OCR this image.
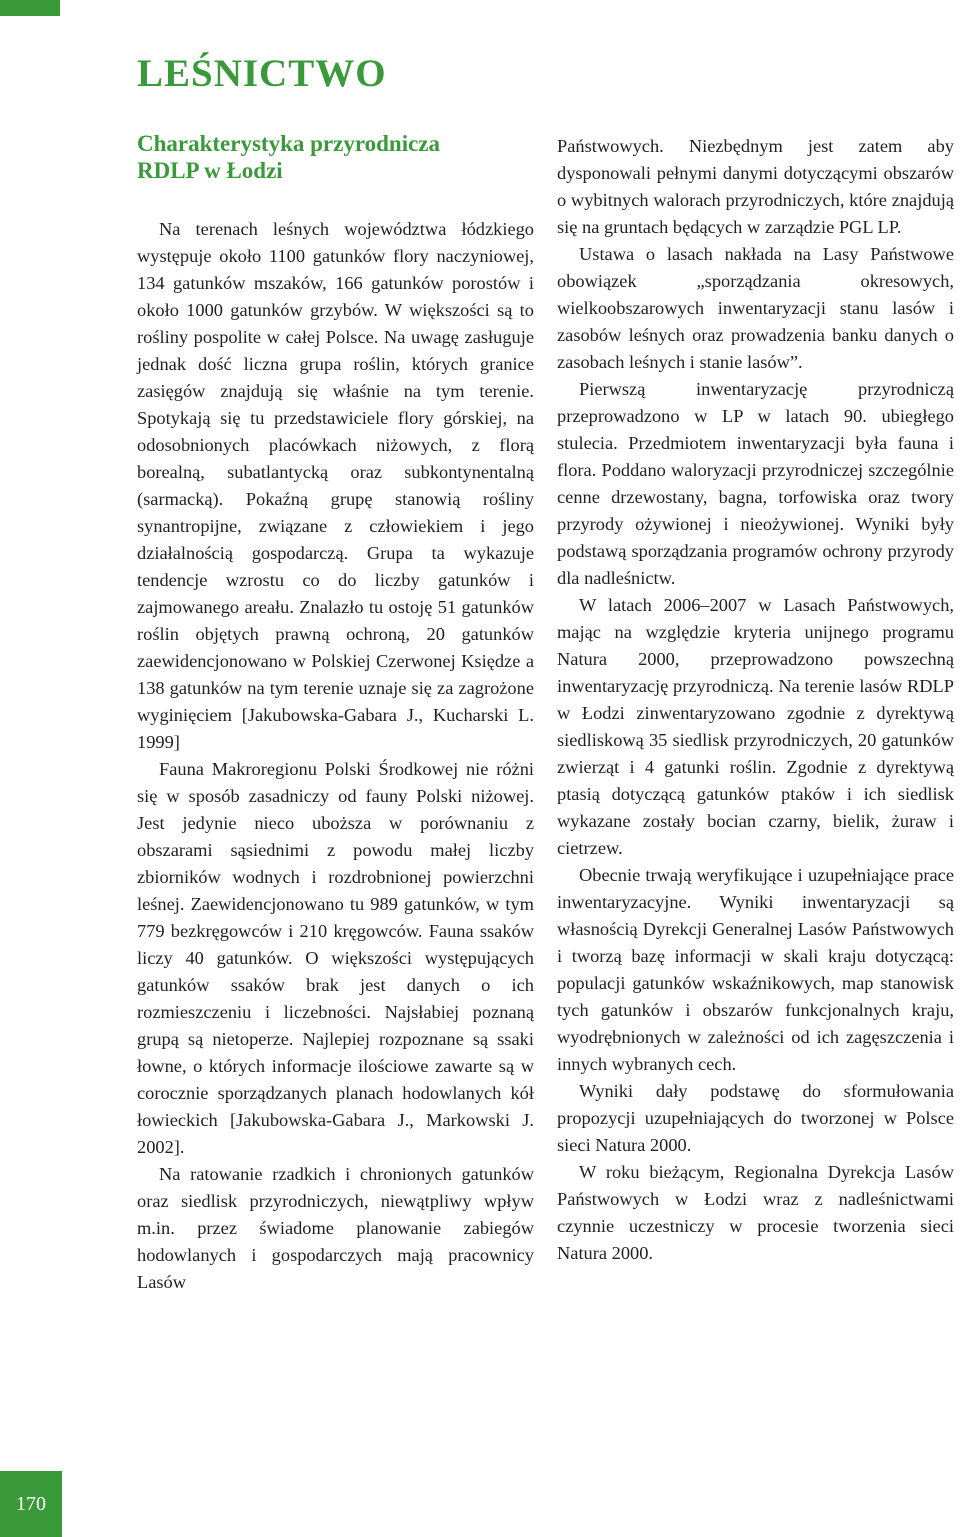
LEŚNICTWO
Charakterystyka przyrodnicza RDLP w Łodzi

Na terenach leśnych województwa łódzkiego występuje około 1100 gatunków flory naczyniowej, 134 gatunków mszaków, 166 gatunków porostów i około 1000 gatunków grzybów. W większości są to rośliny pospolite w całej Polsce. Na uwagę zasługuje jednak dość liczna grupa roślin, których granice zasięgów znajdują się właśnie na tym terenie. Spotykają się tu przedstawiciele flory górskiej, na odosobnionych placówkach niżowych, z florą borealną, subatlantycką oraz subkontynentalną (sarmacką). Pokaźną grupę stanowią rośliny synantropijne, związane z człowiekiem i jego działalnością gospodarczą. Grupa ta wykazuje tendencje wzrostu co do liczby gatunków i zajmowanego areału. Znalazło tu ostoję 51 gatunków roślin objętych prawną ochroną, 20 gatunków zaewidencjonowano w Polskiej Czerwonej Księdze a 138 gatunków na tym terenie uznaje się za zagrożone wyginięciem [Jakubowska-Gabara J., Kucharski L. 1999]

Fauna Makroregionu Polski Środkowej nie różni się w sposób zasadniczy od fauny Polski niżowej. Jest jedynie nieco uboższa w porównaniu z obszarami sąsiednimi z powodu małej liczby zbiorników wodnych i rozdrobnionej powierzchni leśnej. Zaewidencjonowano tu 989 gatunków, w tym 779 bezkręgowców i 210 kręgowców. Fauna ssaków liczy 40 gatunków. O większości występujących gatunków ssaków brak jest danych o ich rozmieszczeniu i liczebności. Najsłabiej poznaną grupą są nietoperze. Najlepiej rozpoznane są ssaki łowne, o których informacje ilościowe zawarte są w corocznie sporządzanych planach hodowlanych kół łowieckich [Jakubowska-Gabara J., Markowski J. 2002].

Na ratowanie rzadkich i chronionych gatunków oraz siedlisk przyrodniczych, niewątpliwy wpływ m.in. przez świadome planowanie zabiegów hodowlanych i gospodarczych mają pracownicy Lasów

Państwowych. Niezbędnym jest zatem aby dysponowali pełnymi danymi dotyczącymi obszarów o wybitnych walorach przyrodniczych, które znajdują się na gruntach będących w zarządzie PGL LP.

Ustawa o lasach nakłada na Lasy Państwowe obowiązek „sporządzania okresowych, wielkoobszarowych inwentaryzacji stanu lasów i zasobów leśnych oraz prowadzenia banku danych o zasobach leśnych i stanie lasów”.

Pierwszą inwentaryzację przyrodniczą przeprowadzono w LP w latach 90. ubiegłego stulecia. Przedmiotem inwentaryzacji była fauna i flora. Poddano waloryzacji przyrodniczej szczególnie cenne drzewostany, bagna, torfowiska oraz twory przyrody ożywionej i nieożywionej. Wyniki były podstawą sporządzania programów ochrony przyrody dla nadleśnictw.

W latach 2006–2007 w Lasach Państwowych, mając na względzie kryteria unijnego programu Natura 2000, przeprowadzono powszechną inwentaryzację przyrodniczą. Na terenie lasów RDLP w Łodzi zinwentaryzowano zgodnie z dyrektywą siedliskową 35 siedlisk przyrodniczych, 20 gatunków zwierząt i 4 gatunki roślin. Zgodnie z dyrektywą ptasią dotyczącą gatunków ptaków i ich siedlisk wykazane zostały bocian czarny, bielik, żuraw i cietrzew.

Obecnie trwają weryfikujące i uzupełniające prace inwentaryzacyjne. Wyniki inwentaryzacji są własnością Dyrekcji Generalnej Lasów Państwowych i tworzą bazę informacji w skali kraju dotyczącą: populacji gatunków wskaźnikowych, map stanowisk tych gatunków i obszarów funkcjonalnych kraju, wyodrębnionych w zależności od ich zagęszczenia i innych wybranych cech.

Wyniki dały podstawę do sformułowania propozycji uzupełniających do tworzonej w Polsce sieci Natura 2000.

W roku bieżącym, Regionalna Dyrekcja Lasów Państwowych w Łodzi wraz z nadleśnictwami czynnie uczestniczy w procesie tworzenia sieci Natura 2000.

170
